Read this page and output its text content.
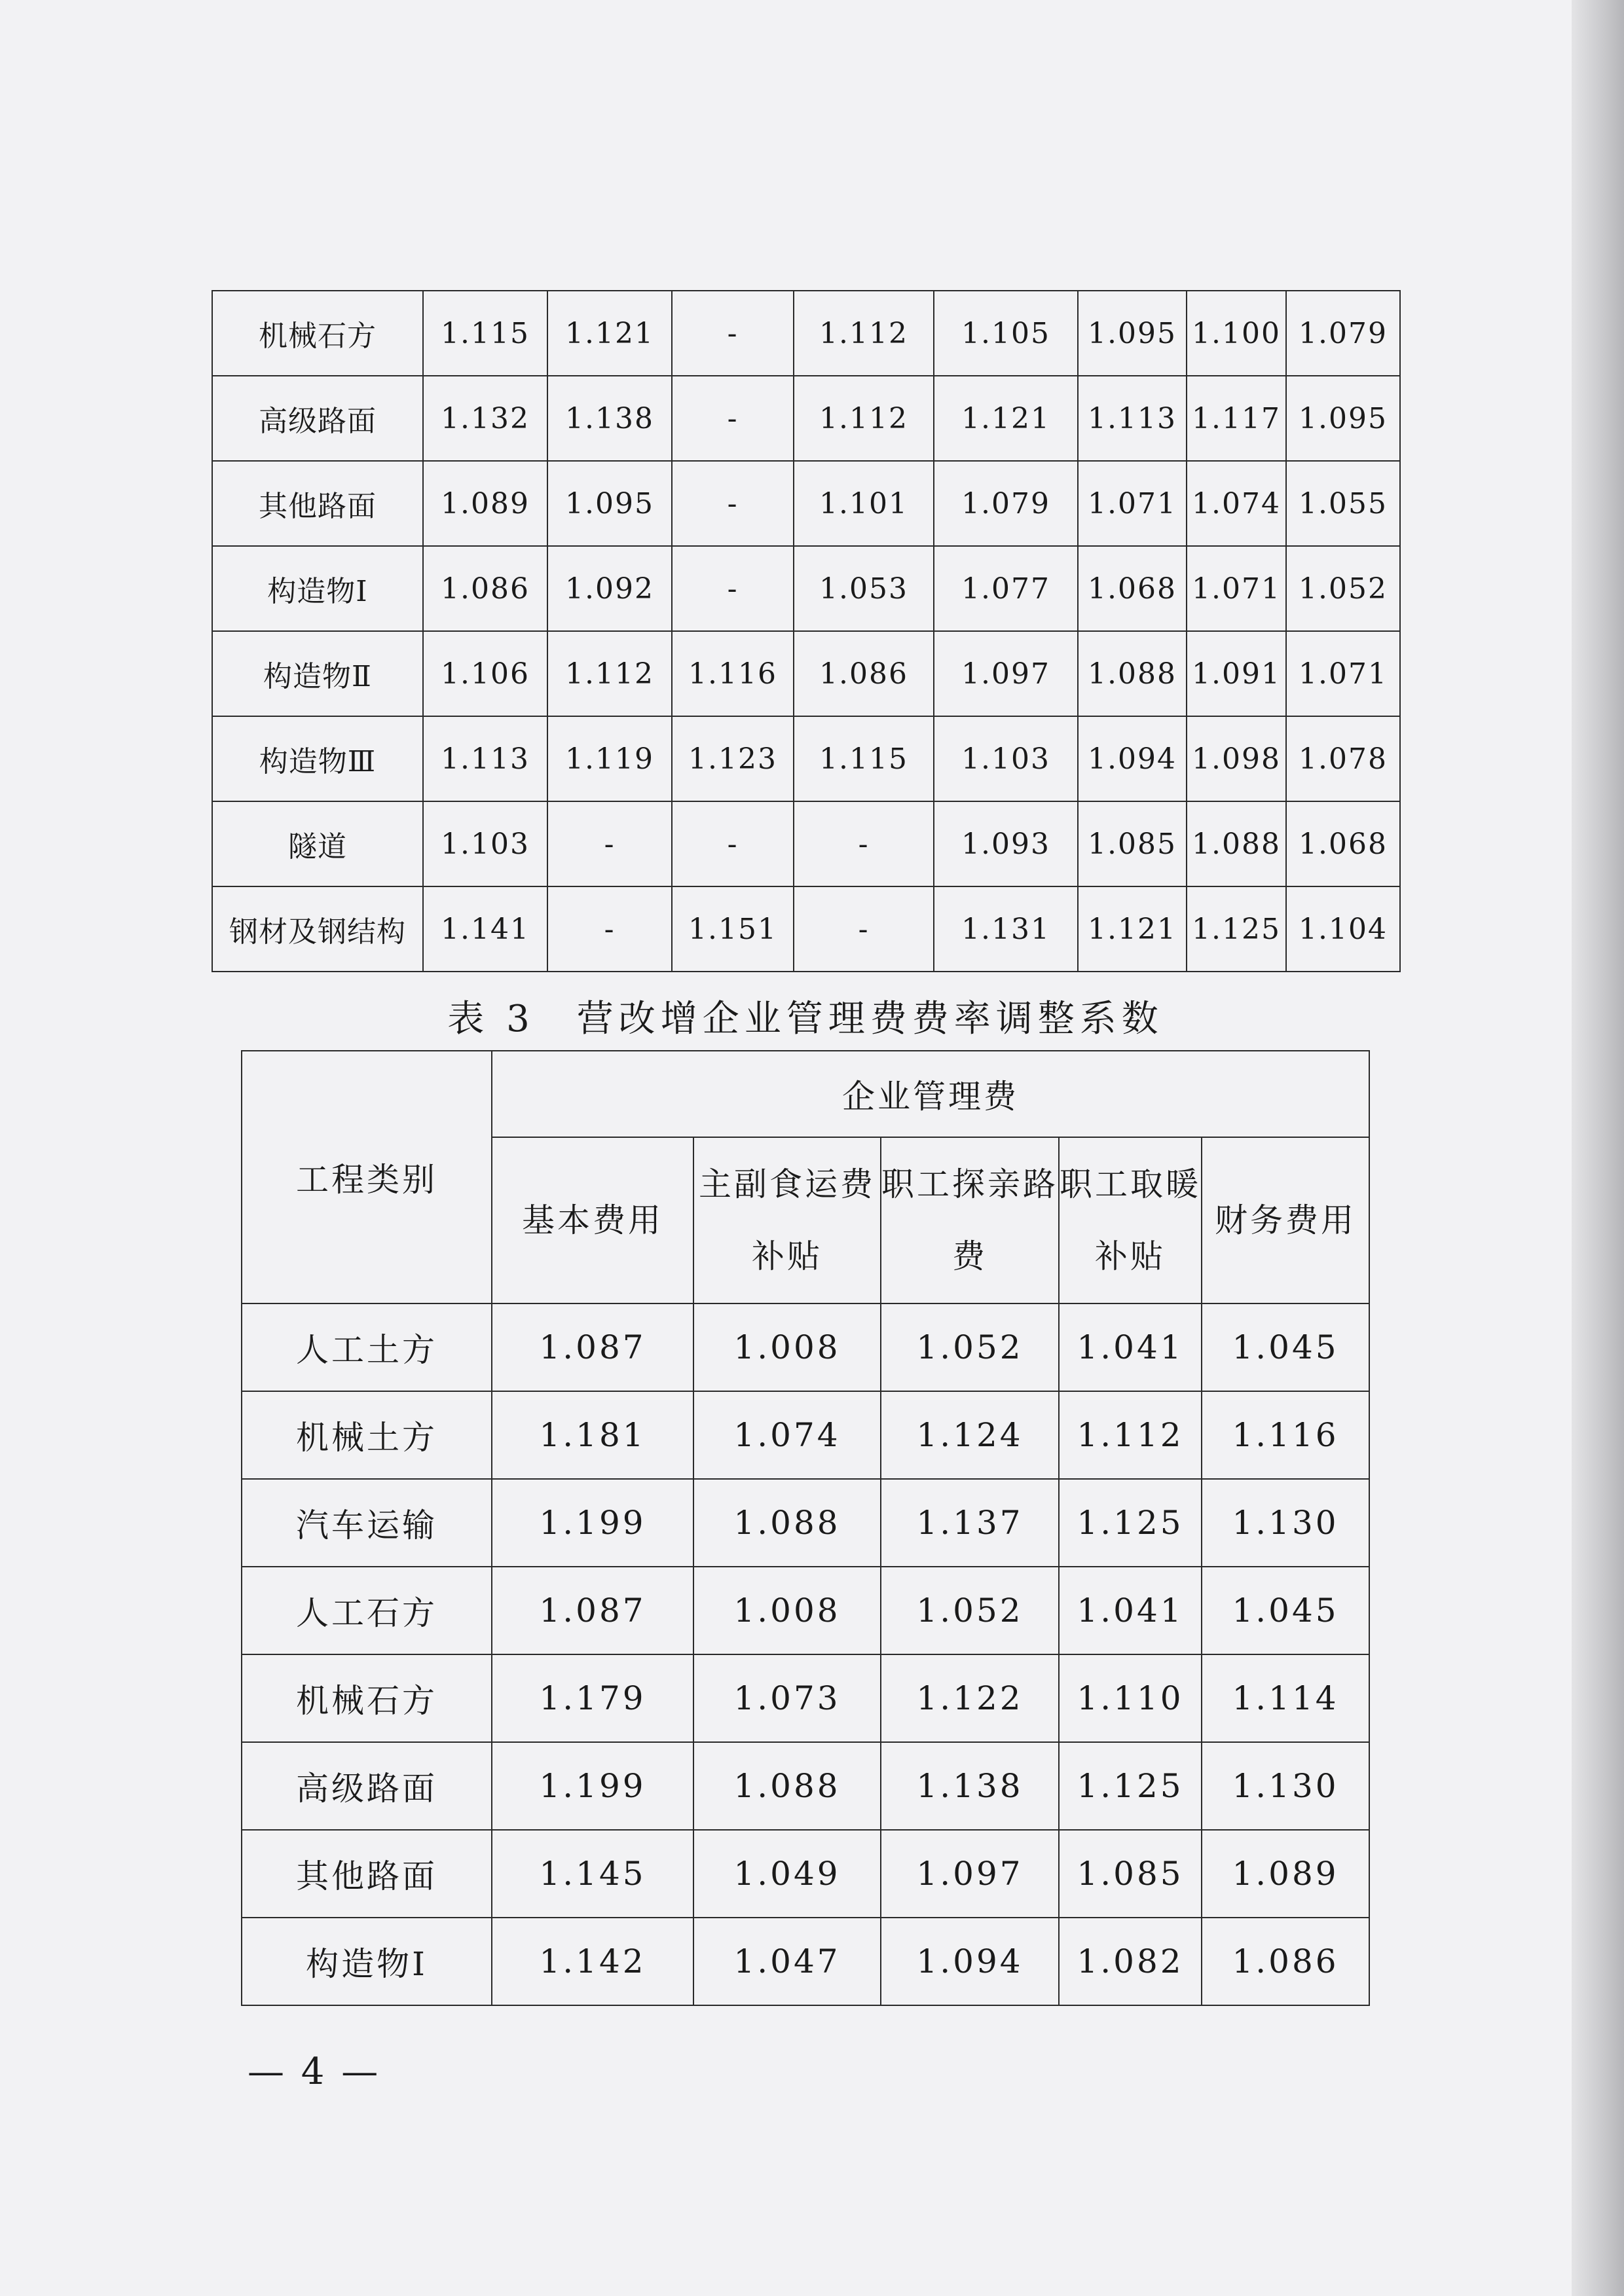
机械石方	1.115	1.121	-	1.112	1.105	1.095	1.100	1.079
高级路面	1.132	1.138	-	1.112	1.121	1.113	1.117	1.095
其他路面	1.089	1.095	-	1.101	1.079	1.071	1.074	1.055
构造物Ⅰ	1.086	1.092	-	1.053	1.077	1.068	1.071	1.052
构造物Ⅱ	1.106	1.112	1.116	1.086	1.097	1.088	1.091	1.071
构造物Ⅲ	1.113	1.119	1.123	1.115	1.103	1.094	1.098	1.078
隧道	1.103	-	-	-	1.093	1.085	1.088	1.068
钢材及钢结构	1.141	-	1.151	-	1.131	1.121	1.125	1.104
表 3　营改增企业管理费费率调整系数
工程类别	企业管理费				
	基本费用	主副食运费补贴	职工探亲路费	职工取暖补贴	财务费用
人工土方	1.087	1.008	1.052	1.041	1.045
机械土方	1.181	1.074	1.124	1.112	1.116
汽车运输	1.199	1.088	1.137	1.125	1.130
人工石方	1.087	1.008	1.052	1.041	1.045
机械石方	1.179	1.073	1.122	1.110	1.114
高级路面	1.199	1.088	1.138	1.125	1.130
其他路面	1.145	1.049	1.097	1.085	1.089
构造物Ⅰ	1.142	1.047	1.094	1.082	1.086
— 4 —
